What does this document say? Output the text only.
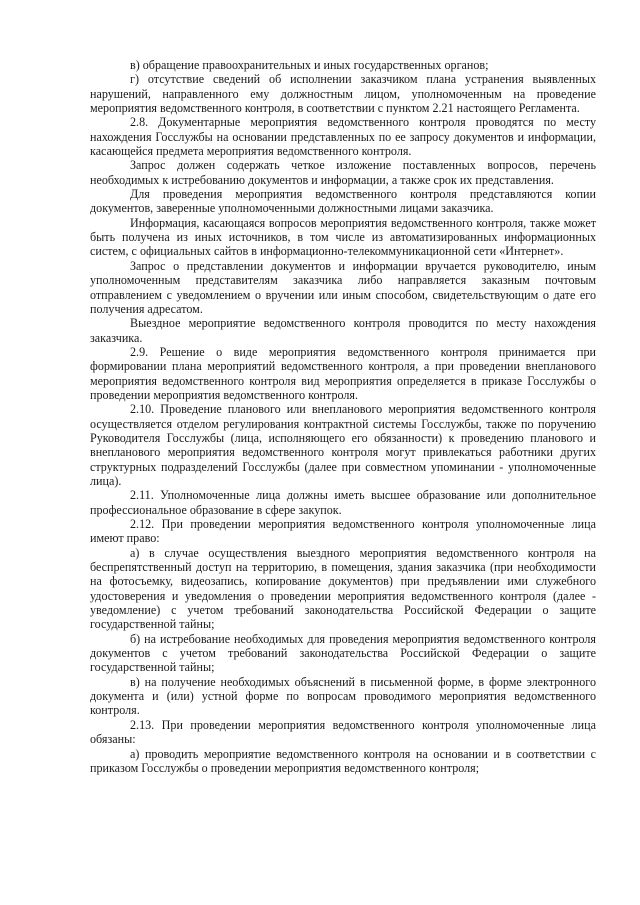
в) обращение правоохранительных и иных государственных органов;

г) отсутствие сведений об исполнении заказчиком плана устранения выявленных нарушений, направленного ему должностным лицом, уполномоченным на проведение мероприятия ведомственного контроля, в соответствии с пунктом 2.21 настоящего Регламента.

2.8. Документарные мероприятия ведомственного контроля проводятся по месту нахождения Госслужбы на основании представленных по ее запросу документов и информации, касающейся предмета мероприятия ведомственного контроля.

Запрос должен содержать четкое изложение поставленных вопросов, перечень необходимых к истребованию документов и информации, а также срок их представления.

Для проведения мероприятия ведомственного контроля представляются копии документов, заверенные уполномоченными должностными лицами заказчика.

Информация, касающаяся вопросов мероприятия ведомственного контроля, также может быть получена из иных источников, в том числе из автоматизированных информационных систем, с официальных сайтов в информационно-телекоммуникационной сети «Интернет».

Запрос о представлении документов и информации вручается руководителю, иным уполномоченным представителям заказчика либо направляется заказным почтовым отправлением с уведомлением о вручении или иным способом, свидетельствующим о дате его получения адресатом.

Выездное мероприятие ведомственного контроля проводится по месту нахождения заказчика.

2.9. Решение о виде мероприятия ведомственного контроля принимается при формировании плана мероприятий ведомственного контроля, а при проведении внепланового мероприятия ведомственного контроля вид мероприятия определяется в приказе Госслужбы о проведении мероприятия ведомственного контроля.

2.10. Проведение планового или внепланового мероприятия ведомственного контроля осуществляется отделом регулирования контрактной системы Госслужбы, также по поручению Руководителя Госслужбы (лица, исполняющего его обязанности) к проведению планового и внепланового мероприятия ведомственного контроля могут привлекаться работники других структурных подразделений Госслужбы (далее при совместном упоминании - уполномоченные лица).

2.11. Уполномоченные лица должны иметь высшее образование или дополнительное профессиональное образование в сфере закупок.

2.12. При проведении мероприятия ведомственного контроля уполномоченные лица имеют право:

а) в случае осуществления выездного мероприятия ведомственного контроля на беспрепятственный доступ на территорию, в помещения, здания заказчика (при необходимости на фотосъемку, видеозапись, копирование документов) при предъявлении ими служебного удостоверения и уведомления о проведении мероприятия ведомственного контроля (далее - уведомление) с учетом требований законодательства Российской Федерации о защите государственной тайны;

б) на истребование необходимых для проведения мероприятия ведомственного контроля документов с учетом требований законодательства Российской Федерации о защите государственной тайны;

в) на получение необходимых объяснений в письменной форме, в форме электронного документа и (или) устной форме по вопросам проводимого мероприятия ведомственного контроля.

2.13. При проведении мероприятия ведомственного контроля уполномоченные лица обязаны:

а) проводить мероприятие ведомственного контроля на основании и в соответствии с приказом Госслужбы о проведении мероприятия ведомственного контроля;
